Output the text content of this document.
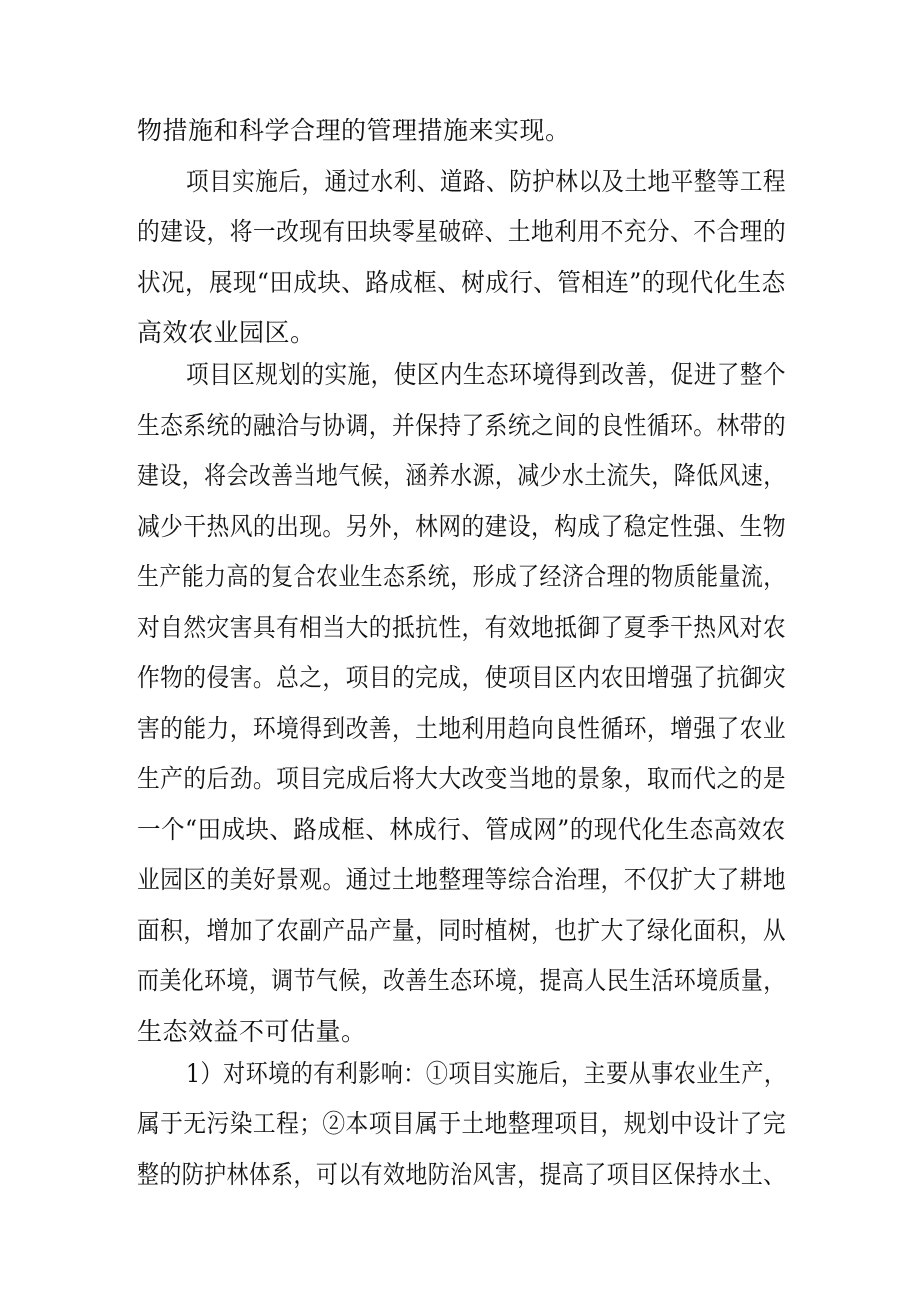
物措施和科学合理的管理措施来实现。
项目实施后，通过水利、道路、防护林以及土地平整等工程
的建设，将一改现有田块零星破碎、土地利用不充分、不合理的
状况，展现“田成块、路成框、树成行、管相连”的现代化生态
高效农业园区。
项目区规划的实施，使区内生态环境得到改善，促进了整个
生态系统的融洽与协调，并保持了系统之间的良性循环。林带的
建设，将会改善当地气候，涵养水源，减少水土流失，降低风速，
减少干热风的出现。另外，林网的建设，构成了稳定性强、生物
生产能力高的复合农业生态系统，形成了经济合理的物质能量流，
对自然灾害具有相当大的抵抗性，有效地抵御了夏季干热风对农
作物的侵害。总之，项目的完成，使项目区内农田增强了抗御灾
害的能力，环境得到改善，土地利用趋向良性循环，增强了农业
生产的后劲。项目完成后将大大改变当地的景象，取而代之的是
一个“田成块、路成框、林成行、管成网”的现代化生态高效农
业园区的美好景观。通过土地整理等综合治理，不仅扩大了耕地
面积，增加了农副产品产量，同时植树，也扩大了绿化面积，从
而美化环境，调节气候，改善生态环境，提高人民生活环境质量，
生态效益不可估量。
1）对环境的有利影响：①项目实施后，主要从事农业生产，
属于无污染工程；②本项目属于土地整理项目，规划中设计了完
整的防护林体系，可以有效地防治风害，提高了项目区保持水土、
